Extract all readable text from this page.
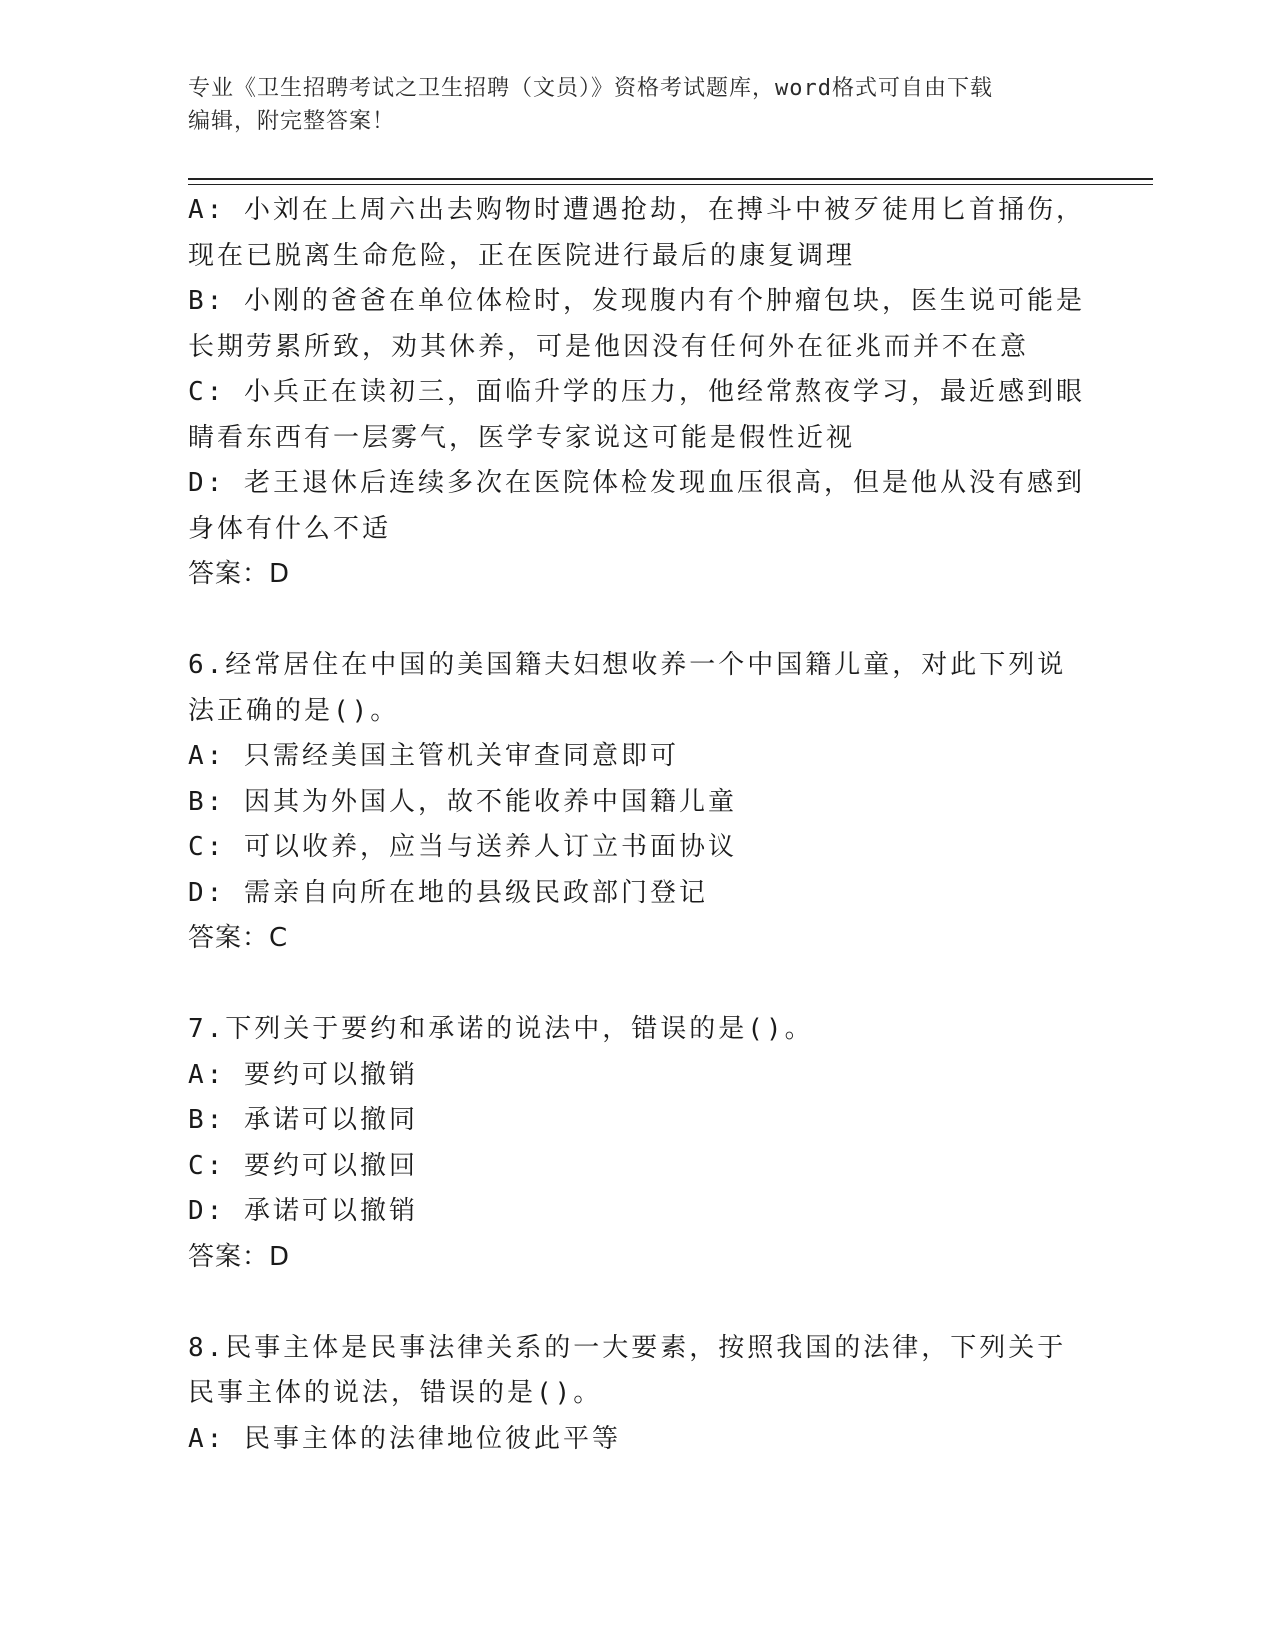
专业《卫生招聘考试之卫生招聘（文员）》资格考试题库，word格式可自由下载
编辑，附完整答案！
A: 小刘在上周六出去购物时遭遇抢劫，在搏斗中被歹徒用匕首捅伤，
现在已脱离生命危险，正在医院进行最后的康复调理
B: 小刚的爸爸在单位体检时，发现腹内有个肿瘤包块，医生说可能是
长期劳累所致，劝其休养，可是他因没有任何外在征兆而并不在意
C: 小兵正在读初三，面临升学的压力，他经常熬夜学习，最近感到眼
睛看东西有一层雾气，医学专家说这可能是假性近视
D: 老王退休后连续多次在医院体检发现血压很高，但是他从没有感到
身体有什么不适
答案：D
6.经常居住在中国的美国籍夫妇想收养一个中国籍儿童，对此下列说
法正确的是()。
A: 只需经美国主管机关审查同意即可
B: 因其为外国人，故不能收养中国籍儿童
C: 可以收养，应当与送养人订立书面协议
D: 需亲自向所在地的县级民政部门登记
答案：C
7.下列关于要约和承诺的说法中，错误的是()。
A: 要约可以撤销
B: 承诺可以撤同
C: 要约可以撤回
D: 承诺可以撤销
答案：D
8.民事主体是民事法律关系的一大要素，按照我国的法律，下列关于
民事主体的说法，错误的是()。
A: 民事主体的法律地位彼此平等
